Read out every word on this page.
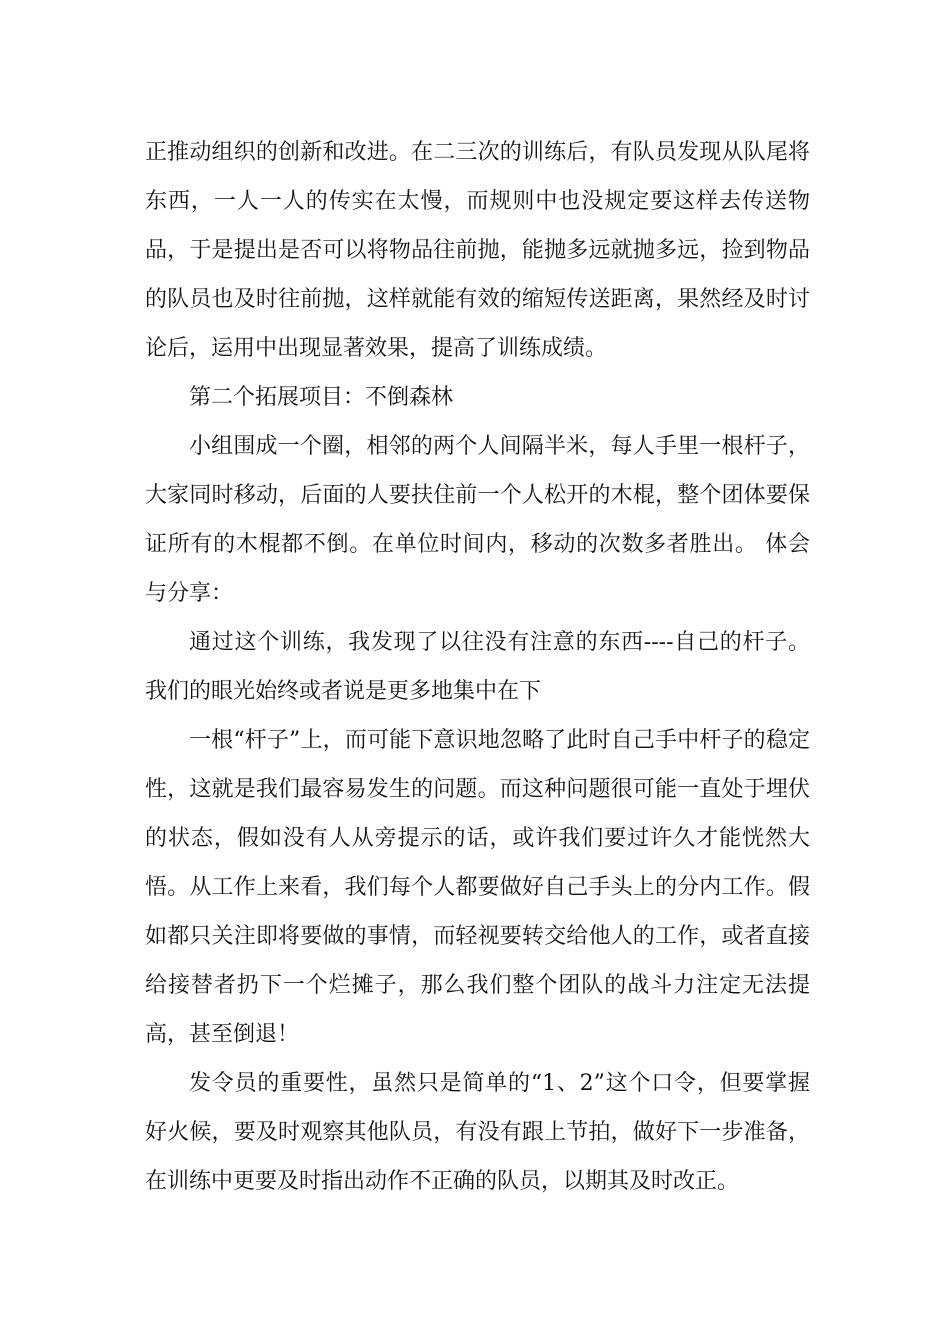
正推动组织的创新和改进。在二三次的训练后，有队员发现从队尾将东西，一人一人的传实在太慢，而规则中也没规定要这样去传送物品，于是提出是否可以将物品往前抛，能抛多远就抛多远，捡到物品的队员也及时往前抛，这样就能有效的缩短传送距离，果然经及时讨论后，运用中出现显著效果，提高了训练成绩。

第二个拓展项目：不倒森林

小组围成一个圈，相邻的两个人间隔半米，每人手里一根杆子，大家同时移动，后面的人要扶住前一个人松开的木棍，整个团体要保证所有的木棍都不倒。在单位时间内，移动的次数多者胜出。 体会与分享：

通过这个训练，我发现了以往没有注意的东西----自己的杆子。我们的眼光始终或者说是更多地集中在下

一根“杆子”上，而可能下意识地忽略了此时自己手中杆子的稳定性，这就是我们最容易发生的问题。而这种问题很可能一直处于埋伏的状态，假如没有人从旁提示的话，或许我们要过许久才能恍然大悟。从工作上来看，我们每个人都要做好自己手头上的分内工作。假如都只关注即将要做的事情，而轻视要转交给他人的工作，或者直接给接替者扔下一个烂摊子，那么我们整个团队的战斗力注定无法提高，甚至倒退！

发令员的重要性，虽然只是简单的“1、2”这个口令，但要掌握好火候，要及时观察其他队员，有没有跟上节拍，做好下一步准备，在训练中更要及时指出动作不正确的队员，以期其及时改正。
